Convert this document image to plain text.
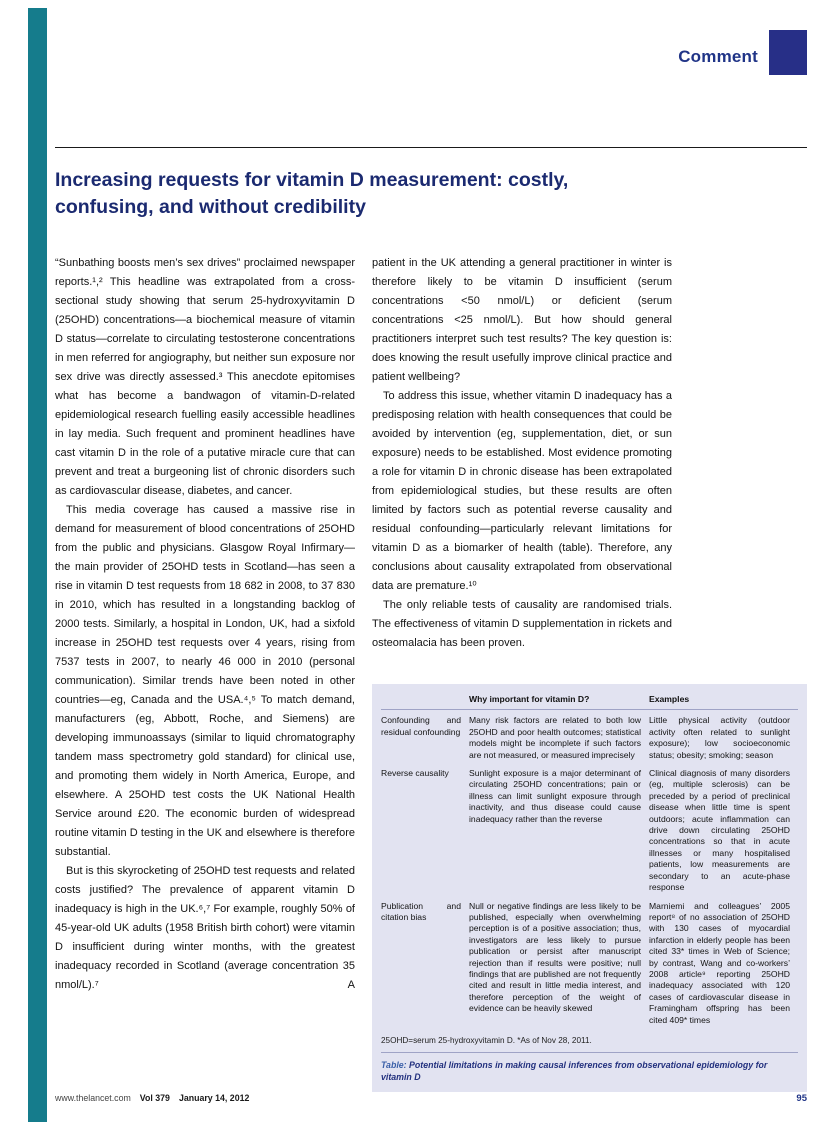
Comment
Increasing requests for vitamin D measurement: costly, confusing, and without credibility

“Sunbathing boosts men’s sex drives” proclaimed newspaper reports.¹,² This headline was extrapolated from a cross-sectional study showing that serum 25-hydroxyvitamin D (25OHD) concentrations—a biochemical measure of vitamin D status—correlate to circulating testosterone concentrations in men referred for angiography, but neither sun exposure nor sex drive was directly assessed.³ This anecdote epitomises what has become a bandwagon of vitamin-D-related epidemiological research fuelling easily accessible headlines in lay media. Such frequent and prominent headlines have cast vitamin D in the role of a putative miracle cure that can prevent and treat a burgeoning list of chronic disorders such as cardiovascular disease, diabetes, and cancer.

This media coverage has caused a massive rise in demand for measurement of blood concentrations of 25OHD from the public and physicians. Glasgow Royal Infirmary—the main provider of 25OHD tests in Scotland—has seen a rise in vitamin D test requests from 18 682 in 2008, to 37 830 in 2010, which has resulted in a longstanding backlog of 2000 tests. Similarly, a hospital in London, UK, had a sixfold increase in 25OHD test requests over 4 years, rising from 7537 tests in 2007, to nearly 46 000 in 2010 (personal communication). Similar trends have been noted in other countries—eg, Canada and the USA.⁴,⁵ To match demand, manufacturers (eg, Abbott, Roche, and Siemens) are developing immunoassays (similar to liquid chromatography tandem mass spectrometry gold standard) for clinical use, and promoting them widely in North America, Europe, and elsewhere. A 25OHD test costs the UK National Health Service around £20. The economic burden of widespread routine vitamin D testing in the UK and elsewhere is therefore substantial.

But is this skyrocketing of 25OHD test requests and related costs justified? The prevalence of apparent vitamin D inadequacy is high in the UK.⁶,⁷ For example, roughly 50% of 45-year-old UK adults (1958 British birth cohort) were vitamin D insufficient during winter months, with the greatest inadequacy recorded in Scotland (average concentration 35 nmol/L).⁷ A

patient in the UK attending a general practitioner in winter is therefore likely to be vitamin D insufficient (serum concentrations <50 nmol/L) or deficient (serum concentrations <25 nmol/L). But how should general practitioners interpret such test results? The key question is: does knowing the result usefully improve clinical practice and patient wellbeing?

To address this issue, whether vitamin D inadequacy has a predisposing relation with health consequences that could be avoided by intervention (eg, supplementation, diet, or sun exposure) needs to be established. Most evidence promoting a role for vitamin D in chronic disease has been extrapolated from epidemiological studies, but these results are often limited by factors such as potential reverse causality and residual confounding—particularly relevant limitations for vitamin D as a biomarker of health (table). Therefore, any conclusions about causality extrapolated from observational data are premature.¹⁰

The only reliable tests of causality are randomised trials. The effectiveness of vitamin D supplementation in rickets and osteomalacia has been proven.

	Why important for vitamin D?	Examples
Confounding and residual confounding	Many risk factors are related to both low 25OHD and poor health outcomes; statistical models might be incomplete if such factors are not measured, or measured imprecisely	Little physical activity (outdoor activity often related to sunlight exposure); low socioeconomic status; obesity; smoking; season
Reverse causality	Sunlight exposure is a major determinant of circulating 25OHD concentrations; pain or illness can limit sunlight exposure through inactivity, and thus disease could cause inadequacy rather than the reverse	Clinical diagnosis of many disorders (eg, multiple sclerosis) can be preceded by a period of preclinical disease when little time is spent outdoors; acute inflammation can drive down circulating 25OHD concentrations so that in acute illnesses or many hospitalised patients, low measurements are secondary to an acute-phase response
Publication and citation bias	Null or negative findings are less likely to be published, especially when overwhelming perception is of a positive association; thus, investigators are less likely to pursue publication or persist after manuscript rejection than if results were positive; null findings that are published are not frequently cited and result in little media interest, and therefore perception of the weight of evidence can be heavily skewed	Marniemi and colleagues’ 2005 report⁸ of no association of 25OHD with 130 cases of myocardial infarction in elderly people has been cited 33* times in Web of Science; by contrast, Wang and co-workers’ 2008 article⁹ reporting 25OHD inadequacy associated with 120 cases of cardiovascular disease in Framingham offspring has been cited 409* times
25OHD=serum 25-hydroxyvitamin D. *As of Nov 28, 2011.
Table: Potential limitations in making causal inferences from observational epidemiology for vitamin D
www.thelancet.com Vol 379 January 14, 2012	95
